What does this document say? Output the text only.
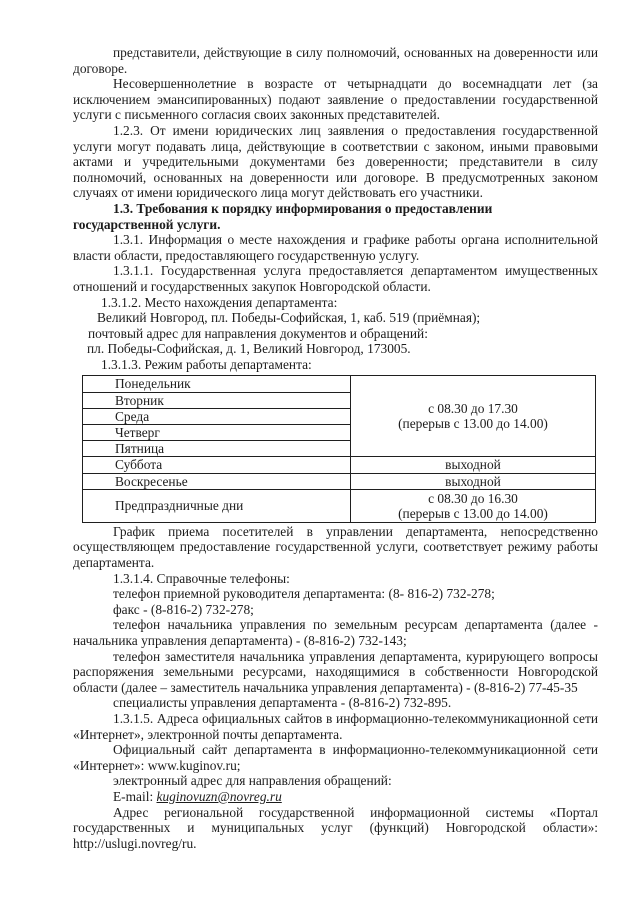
представители, действующие в силу полномочий, основанных на доверенности или договоре.

Несовершеннолетние в возрасте от четырнадцати до восемнадцати лет (за исключением эмансипированных) подают заявление о предоставлении государственной услуги с письменного согласия своих законных представителей.

1.2.3. От имени юридических лиц заявления о предоставления государственной услуги могут подавать лица, действующие в соответствии с законом, иными правовыми актами и учредительными документами без доверенности; представители в силу полномочий, основанных на доверенности или договоре. В предусмотренных законом случаях от имени юридического лица могут действовать его участники.

1.3. Требования к порядку информирования о предоставлении
государственной услуги.

1.3.1. Информация о месте нахождения и графике работы органа исполнительной власти области, предоставляющего государственную услугу.

1.3.1.1. Государственная услуга предоставляется департаментом имущественных отношений и государственных закупок Новгородской области.

1.3.1.2. Место нахождения департамента:

Великий Новгород, пл. Победы-Софийская, 1, каб. 519 (приёмная);

почтовый адрес для направления документов и обращений:

пл. Победы-Софийская, д. 1, Великий Новгород, 173005.

1.3.1.3. Режим работы департамента:

Понедельник	с 08.30 до 17.30
(перерыв с 13.00 до 14.00)

Вторник	
Среда	
Четверг	
Пятница	
Суббота	выходной
Воскресенье	выходной
Предпраздничные дни	с 08.30 до 16.30
(перерыв с 13.00 до 14.00)

График приема посетителей в управлении департамента, непосредственно осуществляющем предоставление государственной услуги, соответствует режиму работы департамента.

1.3.1.4. Справочные телефоны:

телефон приемной руководителя департамента: (8- 816-2) 732-278;

факс - (8-816-2) 732-278;

телефон начальника управления по земельным ресурсам департамента (далее - начальника управления департамента) - (8-816-2) 732-143;

телефон заместителя начальника управления департамента, курирующего вопросы распоряжения земельными ресурсами, находящимися в собственности Новгородской области (далее – заместитель начальника управления департамента) - (8-816-2) 77-45-35

специалисты управления департамента - (8-816-2) 732-895.

1.3.1.5. Адреса официальных сайтов в информационно-телекоммуникационной сети «Интернет», электронной почты департамента.

Официальный сайт департамента в информационно-телекоммуникационной сети «Интернет»: www.kuginov.ru;

электронный адрес для направления обращений:

E-mail: kuginovuzn@novreg.ru

Адрес региональной государственной информационной системы «Портал государственных и муниципальных услуг (функций) Новгородской области»: http://uslugi.novreg/ru.
